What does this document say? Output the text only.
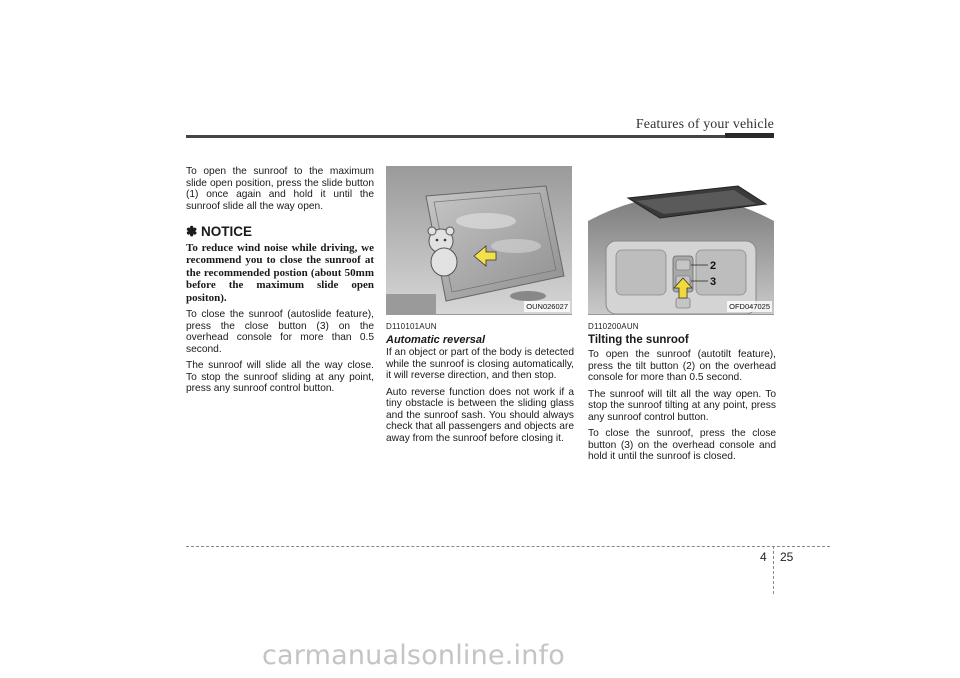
Features of your vehicle

To open the sunroof to the maximum slide open position, press the slide button (1) once again and hold it until the sunroof slide all the way open.

✽ NOTICE

To reduce wind noise while driving, we recommend you to close the sunroof at the recommended postion (about 50mm before the maximum slide open positon).

To close the sunroof (autoslide feature), press the close button (3) on the overhead console for more than 0.5 second.

The sunroof will slide all the way close. To stop the sunroof sliding at any point, press any sunroof control button.

OUN026027
D110101AUN
Automatic reversal

If an object or part of the body is detected while the sunroof is closing automatically, it will reverse direction, and then stop.

Auto reverse function does not work if a tiny obstacle is between the sliding glass and the sunroof sash. You should always check that all passengers and objects are away from the sunroof before closing it.

2
3
OFD047025
D110200AUN
Tilting the sunroof

To open the sunroof (autotilt feature), press the tilt button (2) on the overhead console for more than 0.5 second.

The sunroof will tilt all the way open. To stop the sunroof tilting at any point, press any sunroof control button.

To close the sunroof, press the close button (3) on the overhead console and hold it until the sunroof is closed.

4 25
carmanualsonline.info
